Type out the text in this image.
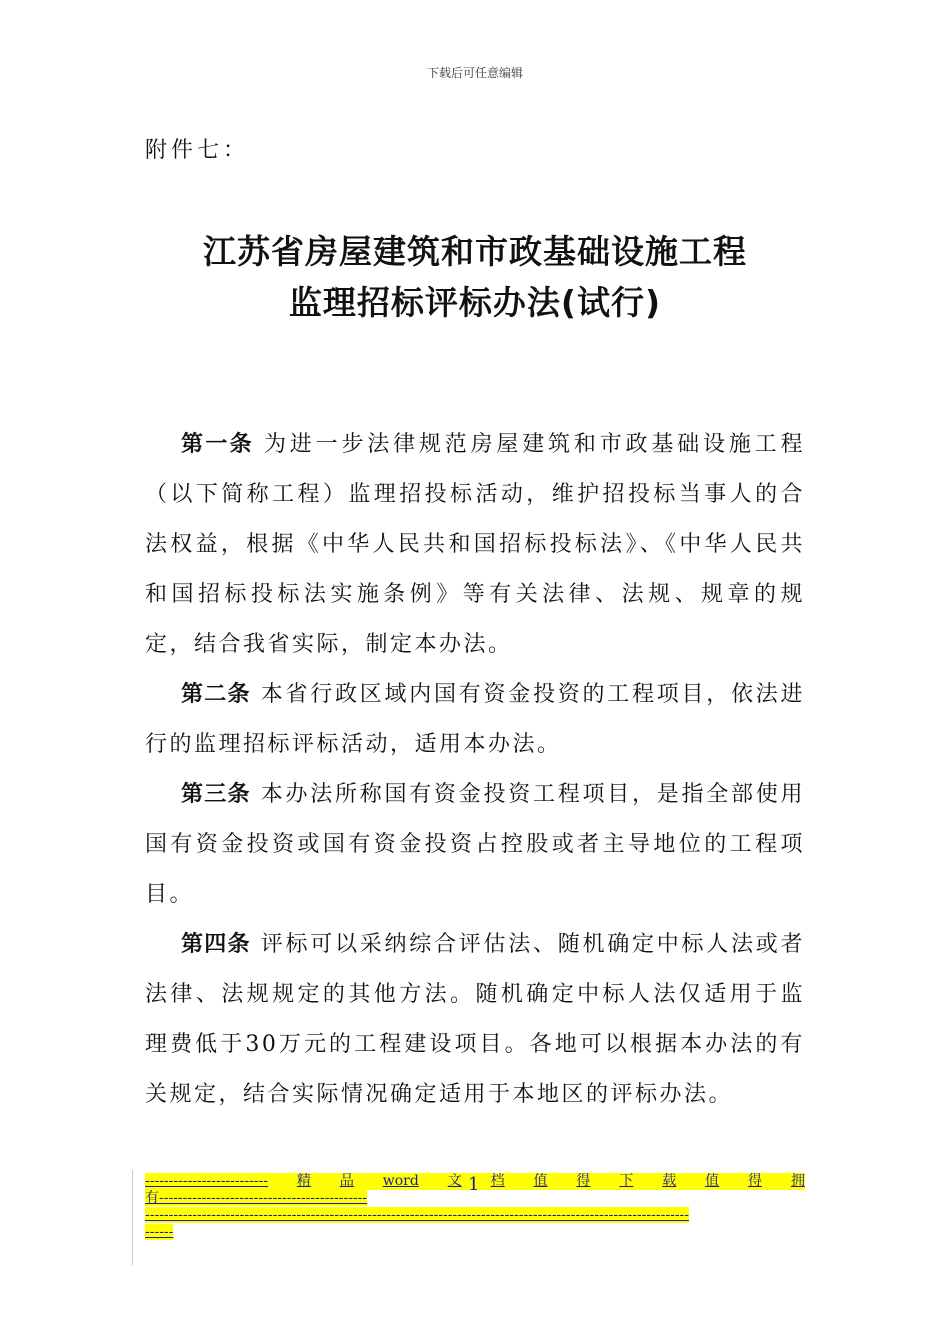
下载后可任意编辑
附件七：
江苏省房屋建筑和市政基础设施工程
监理招标评标办法(试行)

第一条 为进一步法律规范房屋建筑和市政基础设施工程（以下简称工程）监理招投标活动，维护招投标当事人的合法权益，根据《中华人民共和国招标投标法》、《中华人民共和国招标投标法实施条例》等有关法律、法规、规章的规定，结合我省实际，制定本办法。

第二条 本省行政区域内国有资金投资的工程项目，依法进行的监理招标评标活动，适用本办法。

第三条 本办法所称国有资金投资工程项目，是指全部使用国有资金投资或国有资金投资占控股或者主导地位的工程项目。

第四条 评标可以采纳综合评估法、随机确定中标人法或者法律、法规规定的其他方法。随机确定中标人法仅适用于监理费低于30万元的工程建设项目。各地可以根据本办法的有关规定，结合实际情况确定适用于本地区的评标办法。

-------------------------- 精 品 word 文 档 值 得 下 载 值 得 拥
有--------------------------------------------
-------------------------------------------------------------------------------------------------------------------
------
1
